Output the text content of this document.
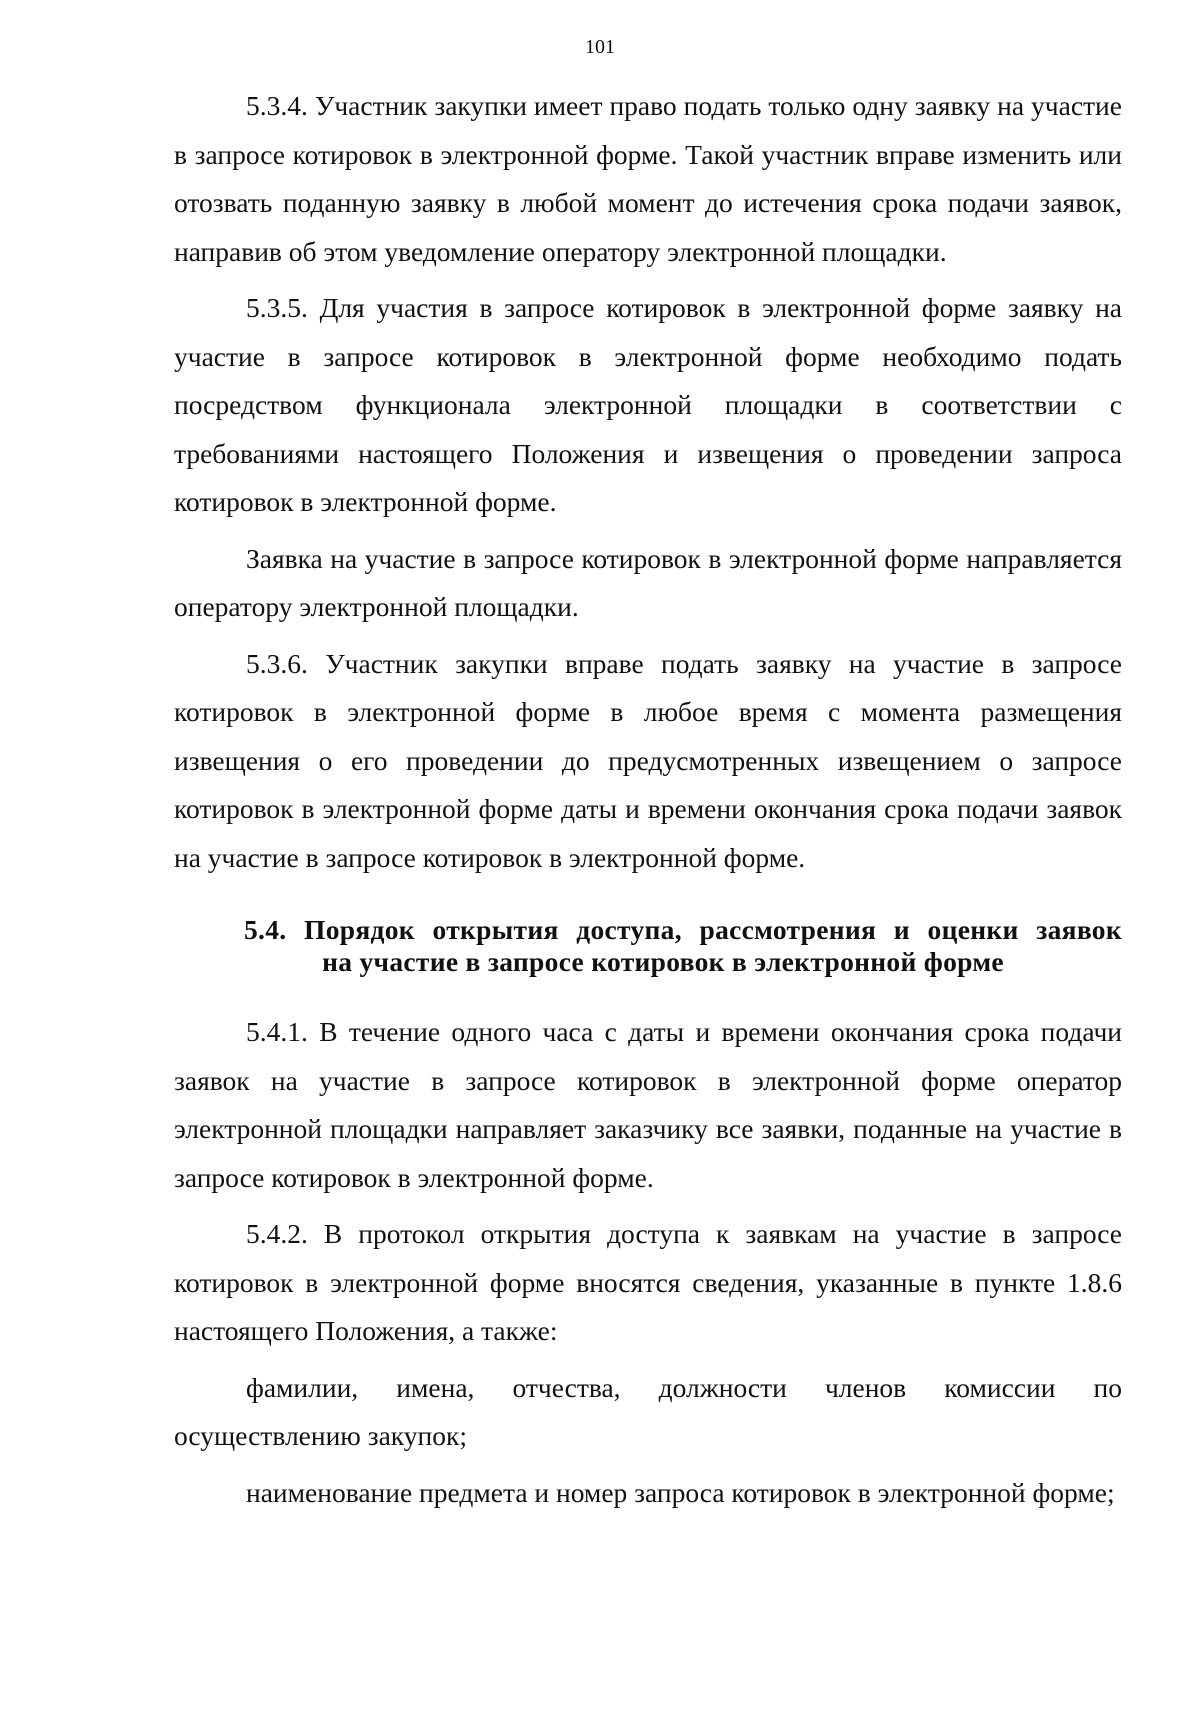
101

5.3.4. Участник закупки имеет право подать только одну заявку на участие в запросе котировок в электронной форме. Такой участник вправе изменить или отозвать поданную заявку в любой момент до истечения срока подачи заявок, направив об этом уведомление оператору электронной площадки.

5.3.5. Для участия в запросе котировок в электронной форме заявку на участие в запросе котировок в электронной форме необходимо подать посредством функционала электронной площадки в соответствии с требованиями настоящего Положения и извещения о проведении запроса котировок в электронной форме.

Заявка на участие в запросе котировок в электронной форме направляется оператору электронной площадки.

5.3.6. Участник закупки вправе подать заявку на участие в запросе котировок в электронной форме в любое время с момента размещения извещения о его проведении до предусмотренных извещением о запросе котировок в электронной форме даты и времени окончания срока подачи заявок на участие в запросе котировок в электронной форме.

5.4. Порядок открытия доступа, рассмотрения и оценки заявок
на участие в запросе котировок в электронной форме

5.4.1. В течение одного часа с даты и времени окончания срока подачи заявок на участие в запросе котировок в электронной форме оператор электронной площадки направляет заказчику все заявки, поданные на участие в запросе котировок в электронной форме.

5.4.2. В протокол открытия доступа к заявкам на участие в запросе котировок в электронной форме вносятся сведения, указанные в пункте 1.8.6 настоящего Положения, а также:

фамилии, имена, отчества, должности членов комиссии по осуществлению закупок;

наименование предмета и номер запроса котировок в электронной форме;
